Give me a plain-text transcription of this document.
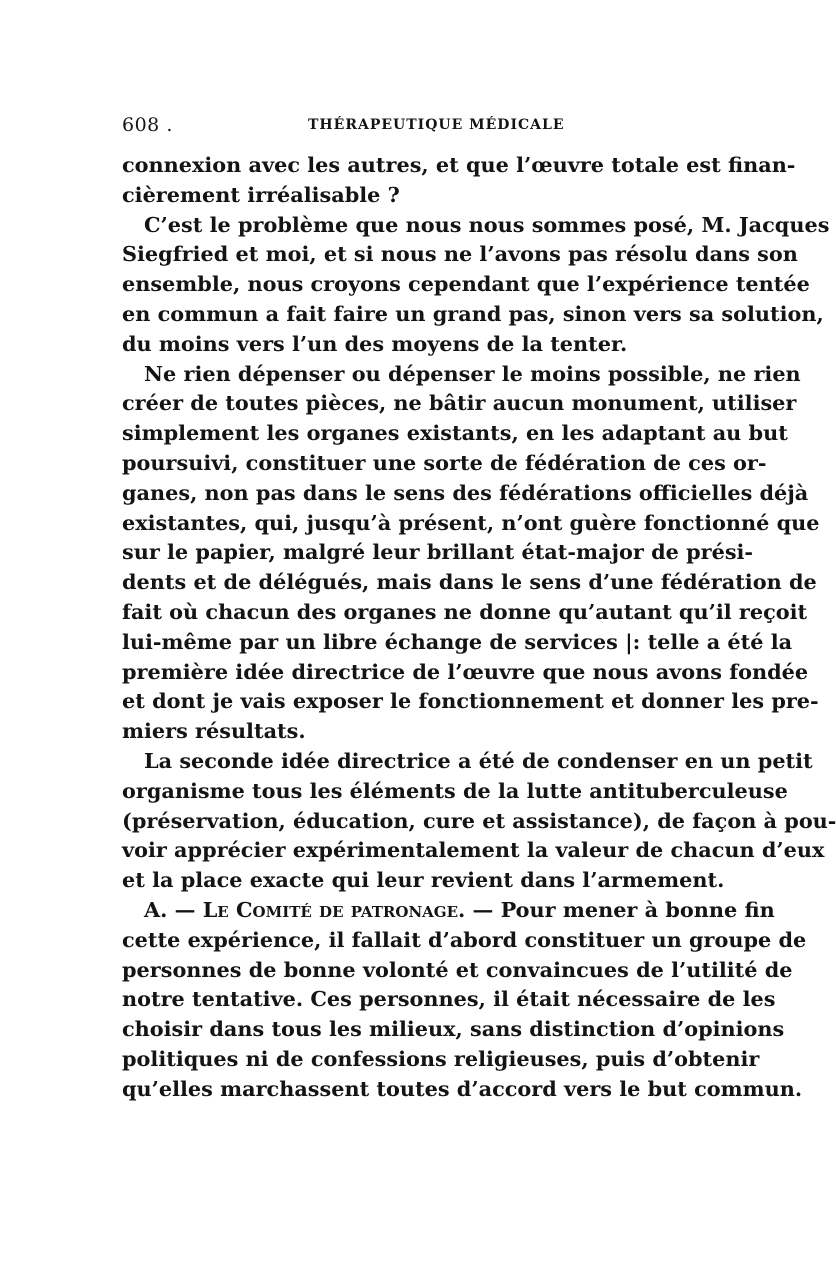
608 .	THÉRAPEUTIQUE MÉDICALE
connexion avec les autres, et que l’œuvre totale est finan-
cièrement irréalisable ?
C’est le problème que nous nous sommes posé, M. Jacques
Siegfried et moi, et si nous ne l’avons pas résolu dans son
ensemble, nous croyons cependant que l’expérience tentée
en commun a fait faire un grand pas, sinon vers sa solution,
du moins vers l’un des moyens de la tenter.
Ne rien dépenser ou dépenser le moins possible, ne rien
créer de toutes pièces, ne bâtir aucun monument, utiliser
simplement les organes existants, en les adaptant au but
poursuivi, constituer une sorte de fédération de ces or-
ganes, non pas dans le sens des fédérations officielles déjà
existantes, qui, jusqu’à présent, n’ont guère fonctionné que
sur le papier, malgré leur brillant état-major de prési-
dents et de délégués, mais dans le sens d’une fédération de
fait où chacun des organes ne donne qu’autant qu’il reçoit
lui-même par un libre échange de services |: telle a été la
première idée directrice de l’œuvre que nous avons fondée
et dont je vais exposer le fonctionnement et donner les pre-
miers résultats.
La seconde idée directrice a été de condenser en un petit
organisme tous les éléments de la lutte antituberculeuse
(préservation, éducation, cure et assistance), de façon à pou-
voir apprécier expérimentalement la valeur de chacun d’eux
et la place exacte qui leur revient dans l’armement.
A. — Le Comité de patronage. — Pour mener à bonne fin
cette expérience, il fallait d’abord constituer un groupe de
personnes de bonne volonté et convaincues de l’utilité de
notre tentative. Ces personnes, il était nécessaire de les
choisir dans tous les milieux, sans distinction d’opinions
politiques ni de confessions religieuses, puis d’obtenir
qu’elles marchassent toutes d’accord vers le but commun.
